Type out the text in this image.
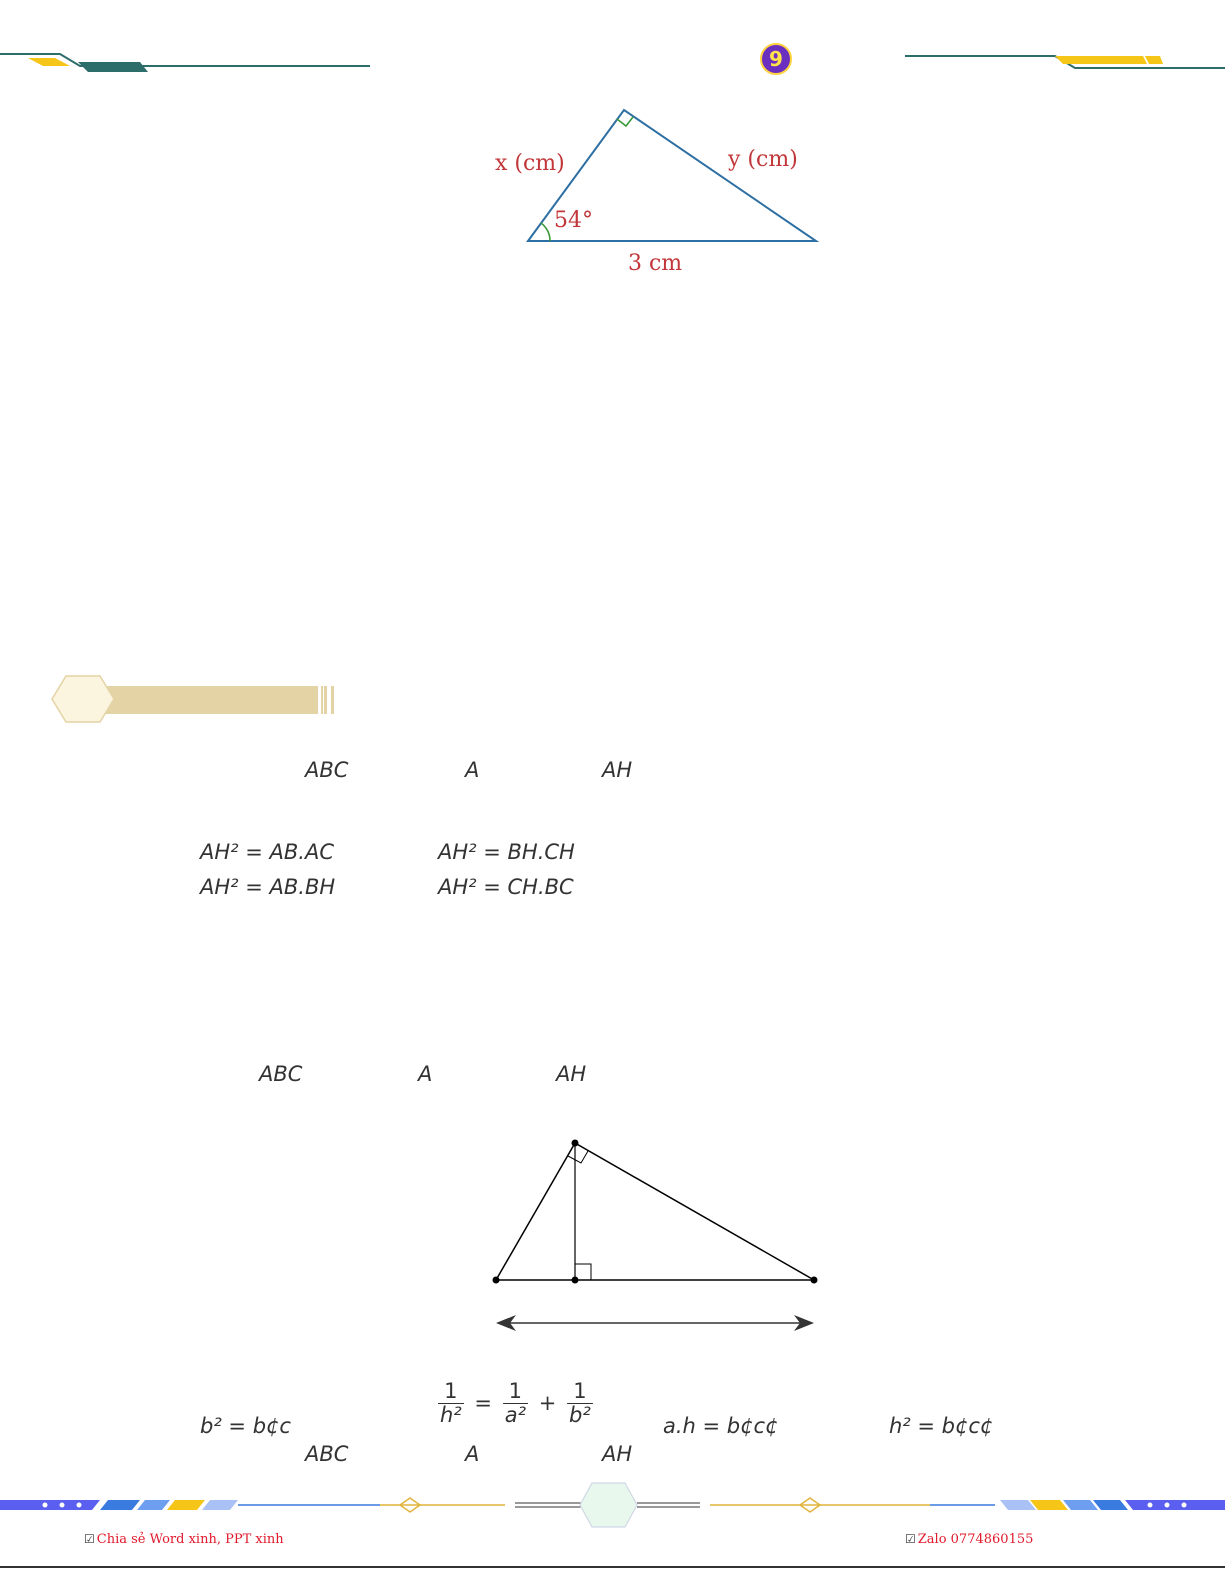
9
x (cm)	y (cm)
54°
3 cm
ABC	A	AH
AH² = AB.AC	AH² = BH.CH
AH² = AB.BH	AH² = CH.BC
ABC	A	AH
b² = b¢c	$\frac{1}{\text{h²}} = \frac{1}{\text{a²}} + \frac{1}{\text{b²}}$	a.h = b¢c¢	h² = b¢c¢
ABC	A	AH
☑ Chia sẻ Word xinh, PPT xinh	☑ Zalo 0774860155
